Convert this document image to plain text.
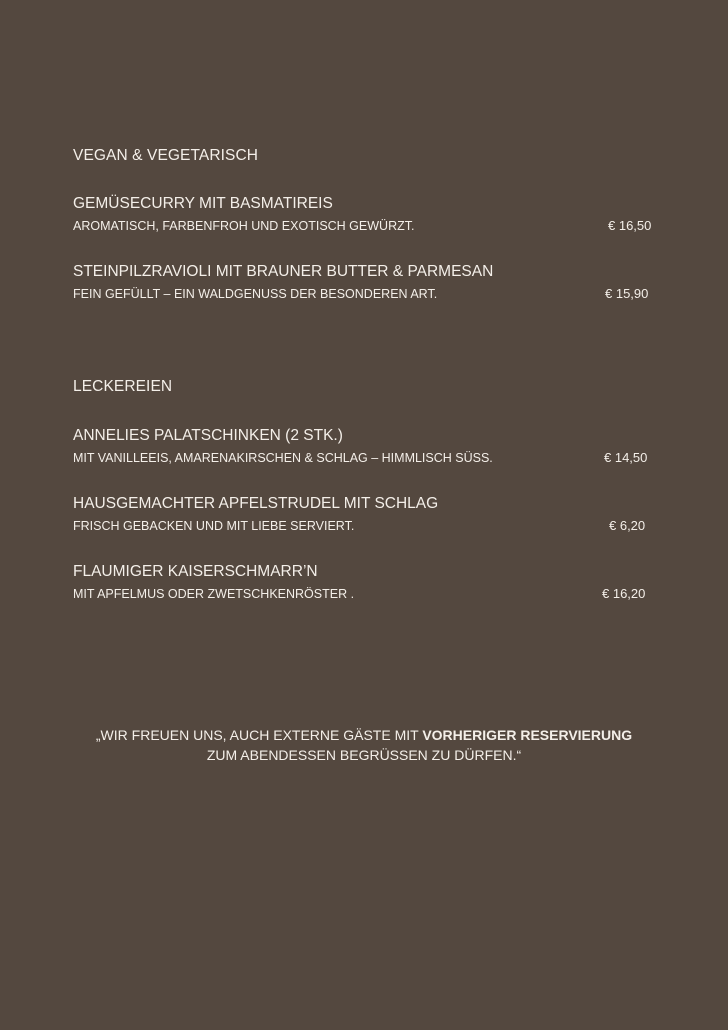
VEGAN & VEGETARISCH
GEMÜSECURRY MIT BASMATIREIS
AROMATISCH, FARBENFROH UND EXOTISCH GEWÜRZT.	€ 16,50
STEINPILZRAVIOLI MIT BRAUNER BUTTER & PARMESAN
FEIN GEFÜLLT – EIN WALDGENUSS DER BESONDEREN ART.	€ 15,90
LECKEREIEN
ANNELIES PALATSCHINKEN (2 STK.)
MIT VANILLEEIS, AMARENAKIRSCHEN & SCHLAG – HIMMLISCH SÜSS.	€ 14,50
HAUSGEMACHTER APFELSTRUDEL MIT SCHLAG
FRISCH GEBACKEN UND MIT LIEBE SERVIERT.	€ 6,20
FLAUMIGER KAISERSCHMARR’N
MIT APFELMUS ODER ZWETSCHKENRÖSTER .	€ 16,20
„WIR FREUEN UNS, AUCH EXTERNE GÄSTE MIT VORHERIGER RESERVIERUNG
ZUM ABENDESSEN BEGRÜSSEN ZU DÜRFEN.“
